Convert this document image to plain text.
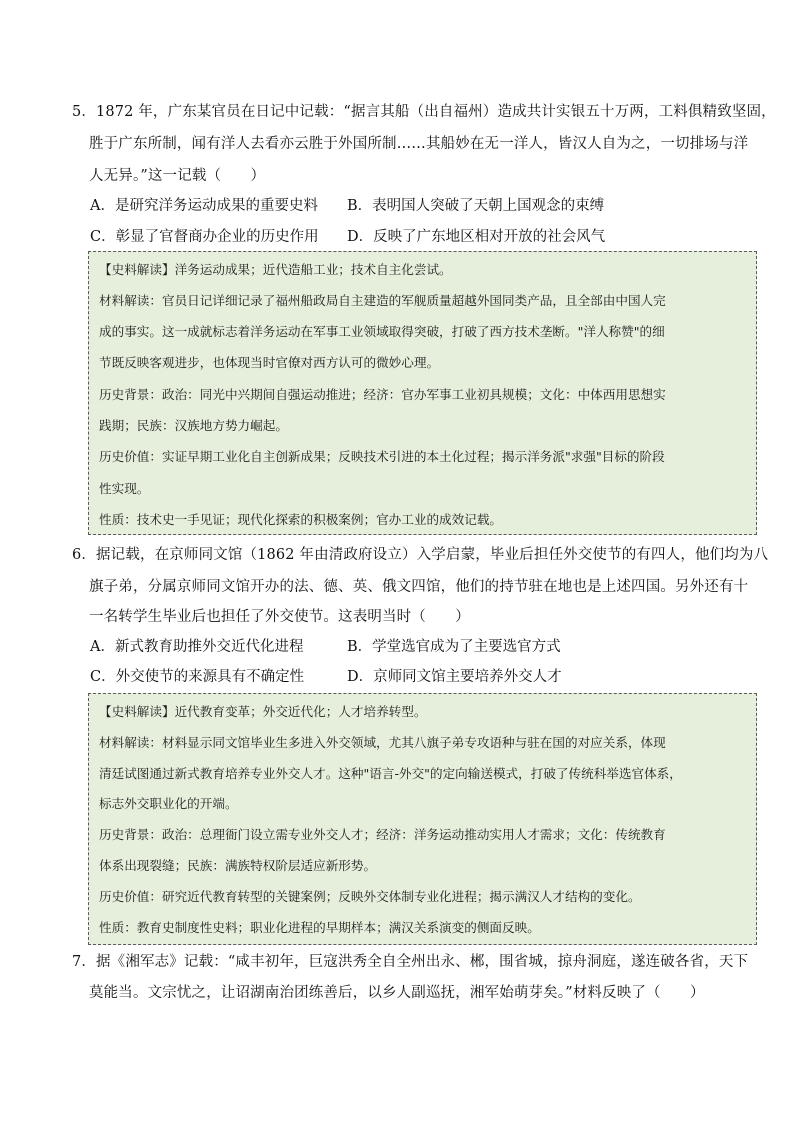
5．1872 年，广东某官员在日记中记载：“据言其船（出自福州）造成共计实银五十万两，工料俱精致坚固，
胜于广东所制，闻有洋人去看亦云胜于外国所制……其船妙在无一洋人，皆汉人自为之，一切排场与洋
人无异。”这一记载（　　）
A．是研究洋务运动成果的重要史料 B．表明国人突破了天朝上国观念的束缚
C．彰显了官督商办企业的历史作用 D．反映了广东地区相对开放的社会风气
【史料解读】洋务运动成果；近代造船工业；技术自主化尝试。
材料解读：官员日记详细记录了福州船政局自主建造的军舰质量超越外国同类产品，且全部由中国人完
成的事实。这一成就标志着洋务运动在军事工业领域取得突破，打破了西方技术垄断。"洋人称赞"的细
节既反映客观进步，也体现当时官僚对西方认可的微妙心理。
历史背景：政治：同光中兴期间自强运动推进；经济：官办军事工业初具规模；文化：中体西用思想实
践期；民族：汉族地方势力崛起。
历史价值：实证早期工业化自主创新成果；反映技术引进的本土化过程；揭示洋务派"求强"目标的阶段
性实现。
性质：技术史一手见证；现代化探索的积极案例；官办工业的成效记载。
6．据记载，在京师同文馆（1862 年由清政府设立）入学启蒙，毕业后担任外交使节的有四人，他们均为八
旗子弟，分属京师同文馆开办的法、德、英、俄文四馆，他们的持节驻在地也是上述四国。另外还有十
一名转学生毕业后也担任了外交使节。这表明当时（　　）
A．新式教育助推外交近代化进程	B．学堂选官成为了主要选官方式
C．外交使节的来源具有不确定性	D．京师同文馆主要培养外交人才
【史料解读】近代教育变革；外交近代化；人才培养转型。
材料解读：材料显示同文馆毕业生多进入外交领域，尤其八旗子弟专攻语种与驻在国的对应关系，体现
清廷试图通过新式教育培养专业外交人才。这种"语言-外交"的定向输送模式，打破了传统科举选官体系，
标志外交职业化的开端。
历史背景：政治：总理衙门设立需专业外交人才；经济：洋务运动推动实用人才需求；文化：传统教育
体系出现裂缝；民族：满族特权阶层适应新形势。
历史价值：研究近代教育转型的关键案例；反映外交体制专业化进程；揭示满汉人才结构的变化。
性质：教育史制度性史料；职业化进程的早期样本；满汉关系演变的侧面反映。
7．据《湘军志》记载：“咸丰初年，巨寇洪秀全自全州出永、郴，围省城，掠舟洞庭，遂连破各省，天下
莫能当。文宗忧之，让诏湖南治团练善后，以乡人副巡抚，湘军始萌芽矣。”材料反映了（　　）
